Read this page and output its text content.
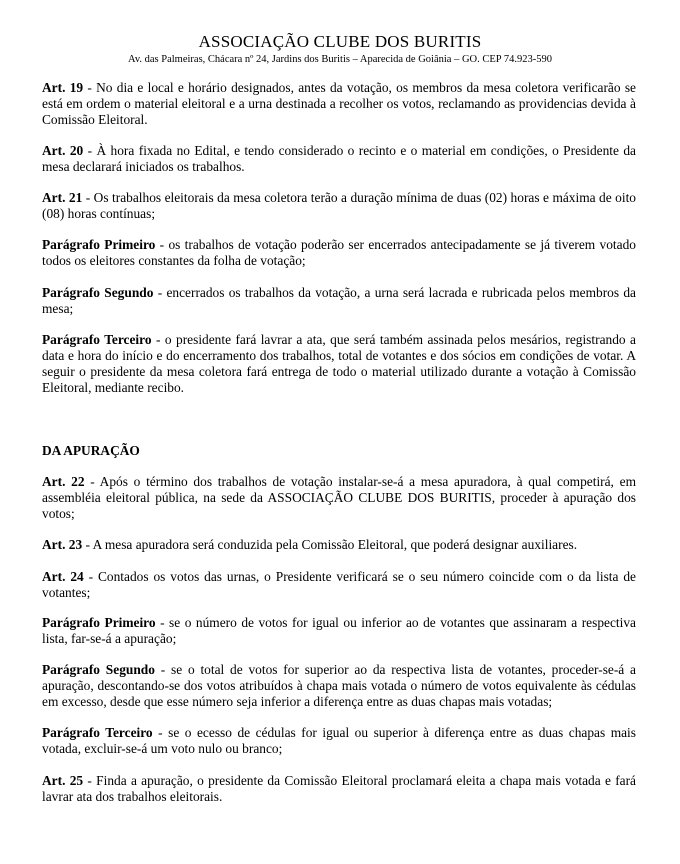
ASSOCIAÇÃO CLUBE DOS BURITIS
Av. das Palmeiras, Chácara nº 24, Jardins dos Buritis – Aparecida de Goiânia – GO. CEP 74.923-590

Art. 19 - No dia e local e horário designados, antes da votação, os membros da mesa coletora verificarão se está em ordem o material eleitoral e a urna destinada a recolher os votos, reclamando as providencias devida à Comissão Eleitoral.

Art. 20 - À hora fixada no Edital, e tendo considerado o recinto e o material em condições, o Presidente da mesa declarará iniciados os trabalhos.

Art. 21 - Os trabalhos eleitorais da mesa coletora terão a duração mínima de duas (02) horas e máxima de oito (08) horas contínuas;

Parágrafo Primeiro - os trabalhos de votação poderão ser encerrados antecipadamente se já tiverem votado todos os eleitores constantes da folha de votação;

Parágrafo Segundo - encerrados os trabalhos da votação, a urna será lacrada e rubricada pelos membros da mesa;

Parágrafo Terceiro - o presidente fará lavrar a ata, que será também assinada pelos mesários, registrando a data e hora do início e do encerramento dos trabalhos, total de votantes e dos sócios em condições de votar. A seguir o presidente da mesa coletora fará entrega de todo o material utilizado durante a votação à Comissão Eleitoral, mediante recibo.

DA APURAÇÃO

Art. 22 - Após o término dos trabalhos de votação instalar-se-á a mesa apuradora, à qual competirá, em assembléia eleitoral pública, na sede da ASSOCIAÇÃO CLUBE DOS BURITIS, proceder à apuração dos votos;

Art. 23 - A mesa apuradora será conduzida pela Comissão Eleitoral, que poderá designar auxiliares.

Art. 24 - Contados os votos das urnas, o Presidente verificará se o seu número coincide com o da lista de votantes;

Parágrafo Primeiro - se o número de votos for igual ou inferior ao de votantes que assinaram a respectiva lista, far-se-á a apuração;

Parágrafo Segundo - se o total de votos for superior ao da respectiva lista de votantes, proceder-se-á a apuração, descontando-se dos votos atribuídos à chapa mais votada o número de votos equivalente às cédulas em excesso, desde que esse número seja inferior a diferença entre as duas chapas mais votadas;

Parágrafo Terceiro - se o ecesso de cédulas for igual ou superior à diferença entre as duas chapas mais votada, excluir-se-á um voto nulo ou branco;

Art. 25 - Finda a apuração, o presidente da Comissão Eleitoral proclamará eleita a chapa mais votada e fará lavrar ata dos trabalhos eleitorais.
